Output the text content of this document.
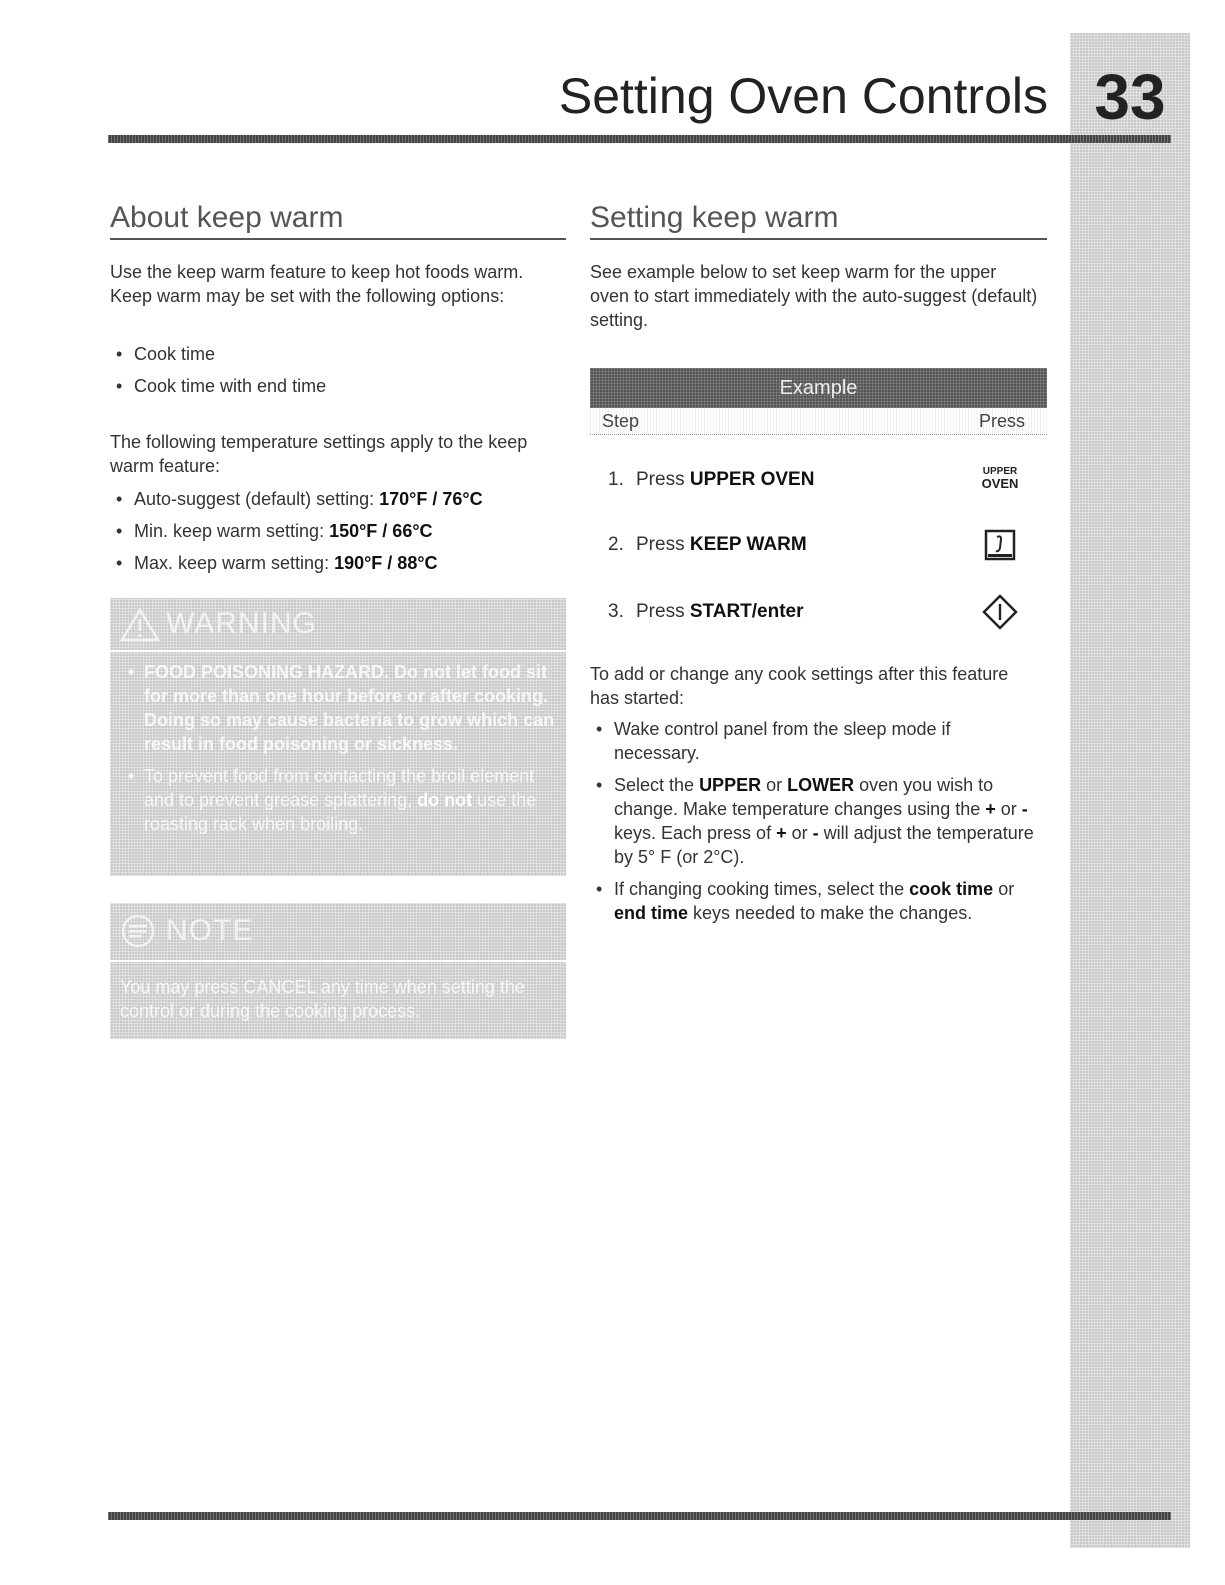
33
Setting Oven Controls
About keep warm

Use the keep warm feature to keep hot foods warm. Keep warm may be set with the following options:

• Cook time
• Cook time with end time

The following temperature settings apply to the keep warm feature:

• Auto-suggest (default) setting: 170°F / 76°C
• Min. keep warm setting: 150°F / 66°C
• Max. keep warm setting: 190°F / 88°C
WARNING
• FOOD POISONING HAZARD. Do not let food sit for more than one hour before or after cooking. Doing so may cause bacteria to grow which can result in food poisoning or sickness.
• To prevent food from contacting the broil element and to prevent grease splattering, do not use the roasting rack when broiling.
NOTE

You may press CANCEL any time when setting the control or during the cooking process.

Setting keep warm

See example below to set keep warm for the upper oven to start immediately with the auto-suggest (default) setting.

Example
Step	Press
1. Press UPPER OVEN	UPPER
OVEN
2. Press KEEP WARM
3. Press START/enter

To add or change any cook settings after this feature has started:

• Wake control panel from the sleep mode if necessary.
• Select the UPPER or LOWER oven you wish to change. Make temperature changes using the + or - keys. Each press of + or - will adjust the temperature by 5° F (or 2°C).
• If changing cooking times, select the cook time or end time keys needed to make the changes.
